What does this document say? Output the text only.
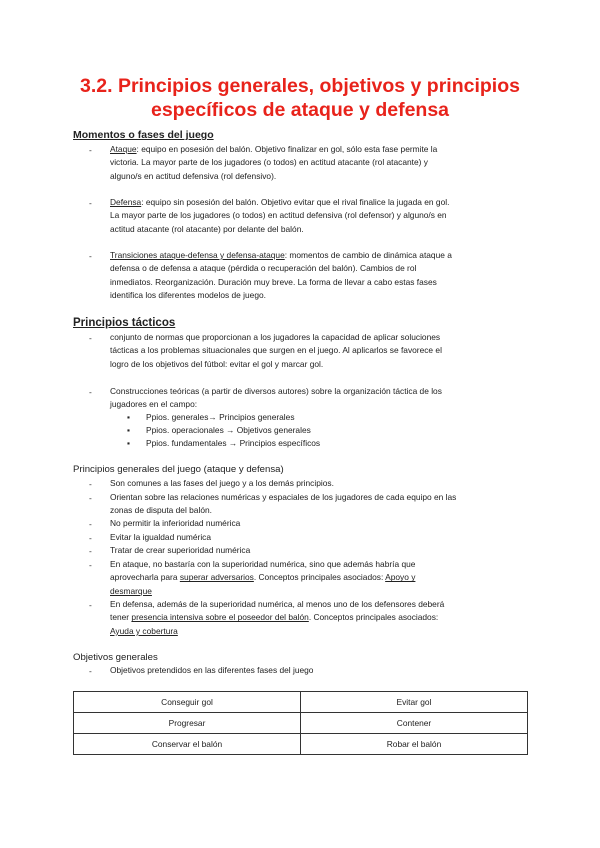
3.2. Principios generales, objetivos y principios
específicos de ataque y defensa
Momentos o fases del juego
- Ataque: equipo en posesión del balón. Objetivo finalizar en gol, sólo esta fase permite la
victoria. La mayor parte de los jugadores (o todos) en actitud atacante (rol atacante) y
alguno/s en actitud defensiva (rol defensivo).
- Defensa: equipo sin posesión del balón. Objetivo evitar que el rival finalice la jugada en gol.
La mayor parte de los jugadores (o todos) en actitud defensiva (rol defensor) y alguno/s en
actitud atacante (rol atacante) por delante del balón.
- Transiciones ataque-defensa y defensa-ataque: momentos de cambio de dinámica ataque a
defensa o de defensa a ataque (pérdida o recuperación del balón). Cambios de rol
inmediatos. Reorganización. Duración muy breve. La forma de llevar a cabo estas fases
identifica los diferentes modelos de juego.
Principios tácticos
- conjunto de normas que proporcionan a los jugadores la capacidad de aplicar soluciones
tácticas a los problemas situacionales que surgen en el juego. Al aplicarlos se favorece el
logro de los objetivos del fútbol: evitar el gol y marcar gol.
- Construcciones teóricas (a partir de diversos autores) sobre la organización táctica de los
jugadores en el campo:
▪ Ppios. generales→ Principios generales
▪ Ppios. operacionales → Objetivos generales
▪ Ppios. fundamentales → Principios específicos
Principios generales del juego (ataque y defensa)
- Son comunes a las fases del juego y a los demás principios.
- Orientan sobre las relaciones numéricas y espaciales de los jugadores de cada equipo en las
zonas de disputa del balón.
- No permitir la inferioridad numérica
- Evitar la igualdad numérica
- Tratar de crear superioridad numérica
- En ataque, no bastaría con la superioridad numérica, sino que además habría que
aprovecharla para superar adversarios. Conceptos principales asociados: Apoyo y
desmarque
- En defensa, además de la superioridad numérica, al menos uno de los defensores deberá
tener presencia intensiva sobre el poseedor del balón. Conceptos principales asociados:
Ayuda y cobertura
Objetivos generales
- Objetivos pretendidos en las diferentes fases del juego
Conseguir gol	Evitar gol
Progresar	Contener
Conservar el balón	Robar el balón
